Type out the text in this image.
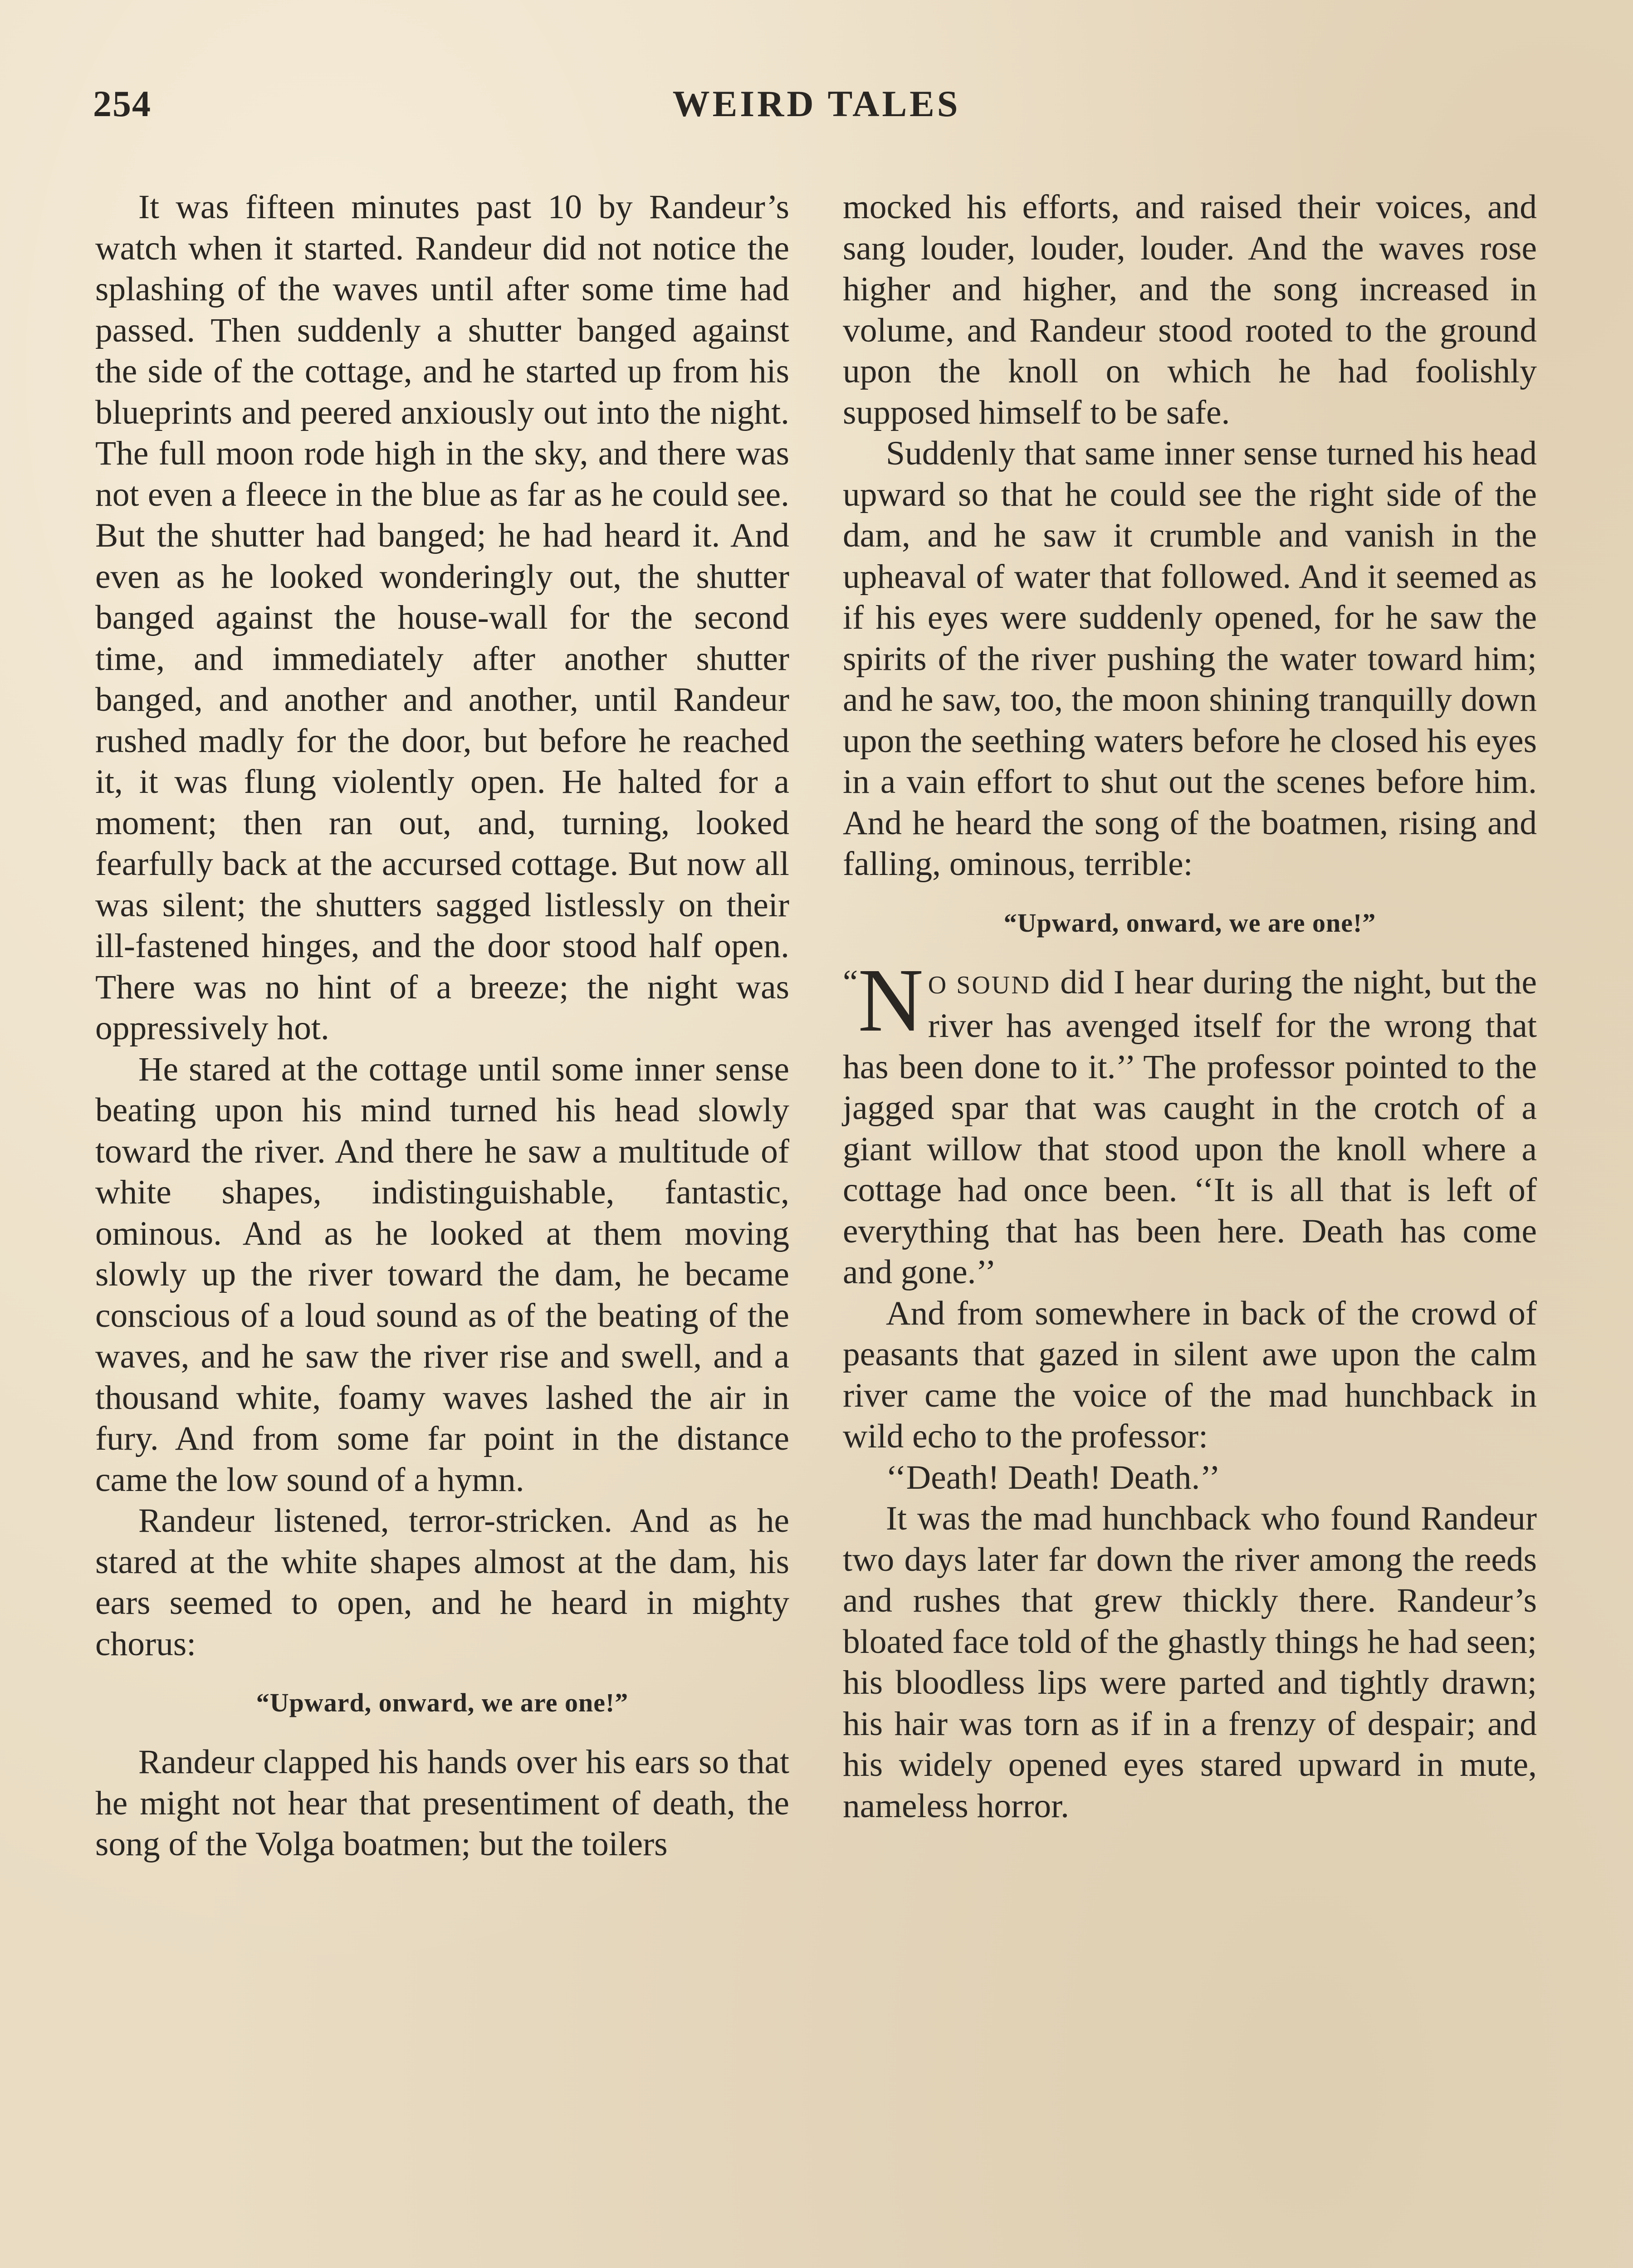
254	WEIRD TALES

It was fifteen minutes past 10 by Randeur’s watch when it started. Randeur did not notice the splashing of the waves until after some time had passed. Then suddenly a shutter banged against the side of the cottage, and he started up from his blueprints and peered anxiously out into the night. The full moon rode high in the sky, and there was not even a fleece in the blue as far as he could see. But the shutter had banged; he had heard it. And even as he looked wonderingly out, the shutter banged against the house-wall for the second time, and immediately after another shutter banged, and another and another, until Randeur rushed madly for the door, but before he reached it, it was flung violently open. He halted for a moment; then ran out, and, turning, looked fearfully back at the accursed cottage. But now all was silent; the shutters sagged listlessly on their ill-fastened hinges, and the door stood half open. There was no hint of a breeze; the night was oppressively hot.

He stared at the cottage until some inner sense beating upon his mind turned his head slowly toward the river. And there he saw a multitude of white shapes, indistinguishable, fantastic, ominous. And as he looked at them moving slowly up the river toward the dam, he became conscious of a loud sound as of the beating of the waves, and he saw the river rise and swell, and a thousand white, foamy waves lashed the air in fury. And from some far point in the distance came the low sound of a hymn.

Randeur listened, terror-stricken. And as he stared at the white shapes almost at the dam, his ears seemed to open, and he heard in mighty chorus:

“Upward, onward, we are one!”

Randeur clapped his hands over his ears so that he might not hear that presentiment of death, the song of the Volga boatmen; but the toilers

mocked his efforts, and raised their voices, and sang louder, louder, louder. And the waves rose higher and higher, and the song increased in volume, and Randeur stood rooted to the ground upon the knoll on which he had foolishly supposed himself to be safe.

Suddenly that same inner sense turned his head upward so that he could see the right side of the dam, and he saw it crumble and vanish in the upheaval of water that followed. And it seemed as if his eyes were suddenly opened, for he saw the spirits of the river pushing the water toward him; and he saw, too, the moon shining tranquilly down upon the seething waters before he closed his eyes in a vain effort to shut out the scenes before him. And he heard the song of the boatmen, rising and falling, ominous, terrible:

“Upward, onward, we are one!”

“ N O SOUND did I hear during the night, but the river has avenged itself for the wrong that has been done to it.’’ The professor pointed to the jagged spar that was caught in the crotch of a giant willow that stood upon the knoll where a cottage had once been. ‘‘It is all that is left of everything that has been here. Death has come and gone.’’

And from somewhere in back of the crowd of peasants that gazed in silent awe upon the calm river came the voice of the mad hunchback in wild echo to the professor:

‘‘Death! Death! Death.’’

It was the mad hunchback who found Randeur two days later far down the river among the reeds and rushes that grew thickly there. Randeur’s bloated face told of the ghastly things he had seen; his bloodless lips were parted and tightly drawn; his hair was torn as if in a frenzy of despair; and his widely opened eyes stared upward in mute, nameless horror.
